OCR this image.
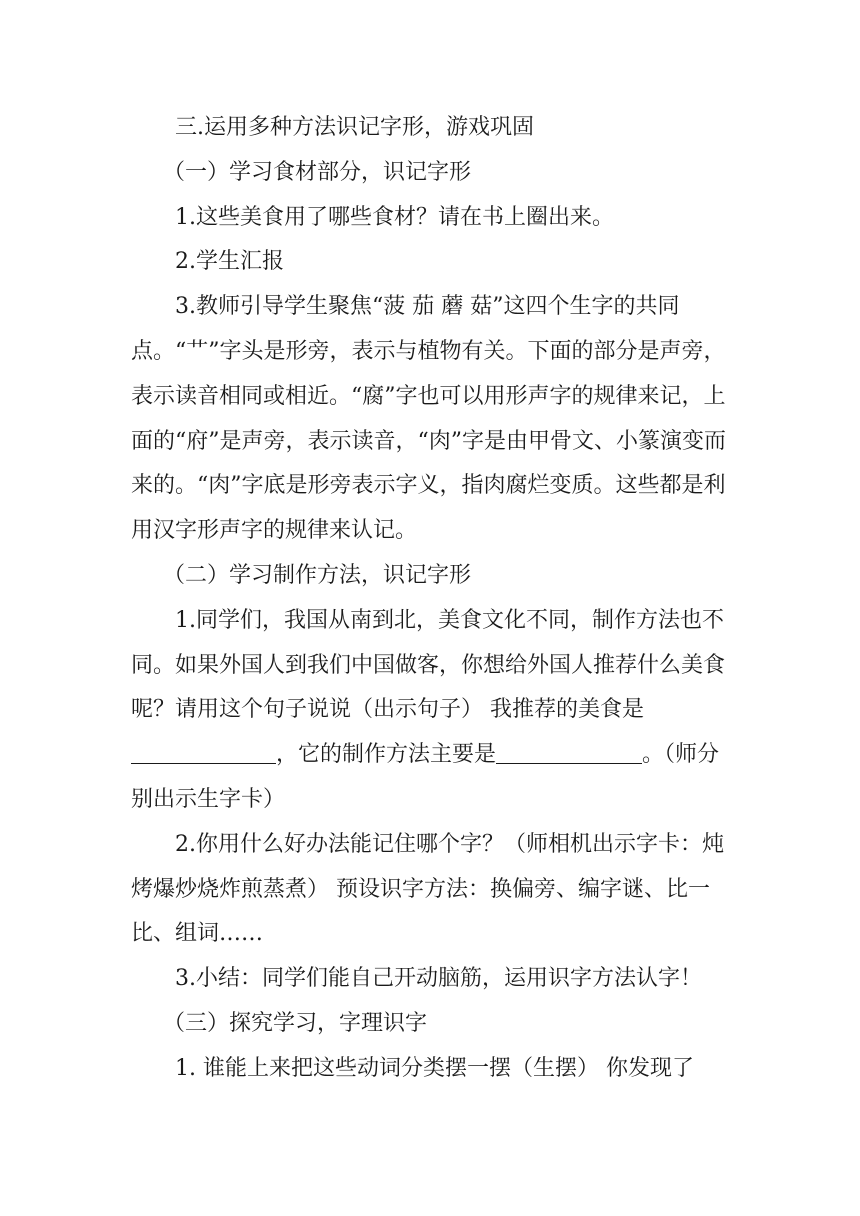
三.运用多种方法识记字形，游戏巩固

（一）学习食材部分，识记字形

1.这些美食用了哪些食材？请在书上圈出来。

2.学生汇报

3.教师引导学生聚焦“菠 茄 蘑 菇”这四个生字的共同点。“艹”字头是形旁，表示与植物有关。下面的部分是声旁，表示读音相同或相近。“腐”字也可以用形声字的规律来记，上面的“府”是声旁，表示读音，“肉”字是由甲骨文、小篆演变而来的。“肉”字底是形旁表示字义，指肉腐烂变质。这些都是利用汉字形声字的规律来认记。

（二）学习制作方法，识记字形

1.同学们，我国从南到北，美食文化不同，制作方法也不同。如果外国人到我们中国做客，你想给外国人推荐什么美食呢？请用这个句子说说（出示句子） 我推荐的美食是，它的制作方法主要是	。（师分别出示生字卡）

2.你用什么好办法能记住哪个字？（师相机出示字卡：炖烤爆炒烧炸煎蒸煮） 预设识字方法：换偏旁、编字谜、比一比、组词……

3.小结：同学们能自己开动脑筋，运用识字方法认字！

（三）探究学习，字理识字

1. 谁能上来把这些动词分类摆一摆（生摆） 你发现了
